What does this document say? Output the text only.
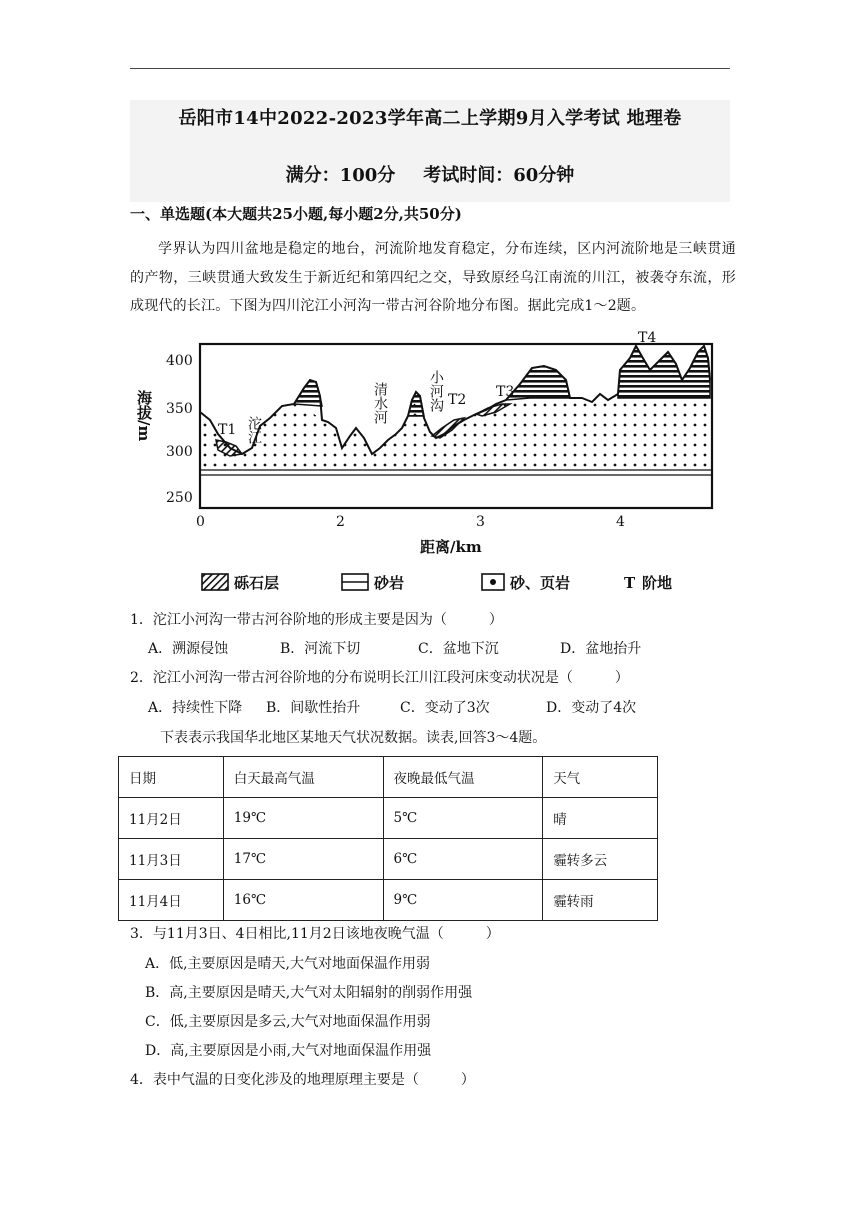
岳阳市14中2022-2023学年高二上学期9月入学考试 地理卷
满分：100分 考试时间：60分钟
一、单选题(本大题共25小题,每小题2分,共50分)
学界认为四川盆地是稳定的地台，河流阶地发育稳定，分布连续，区内河流阶地是三峡贯通的产物，三峡贯通大致发生于新近纪和第四纪之交，导致原经乌江南流的川江，被袭夺东流，形成现代的长江。下图为四川沱江小河沟一带古河谷阶地分布图。据此完成1～2题。
400
350
300
250
0	2	3	4
海拔/m
距离/km
T1
T2 T3
T4
沱江
清水河	小河沟
砾石层	砂岩	砂、页岩	T 阶地
1．沱江小河沟一带古河谷阶地的形成主要是因为（　　　）
A．溯源侵蚀	B．河流下切	C．盆地下沉	D．盆地抬升
2．沱江小河沟一带古河谷阶地的分布说明长江川江段河床变动状况是（　　　）
A．持续性下降 B．间歇性抬升	C．变动了3次	D．变动了4次
下表表示我国华北地区某地天气状况数据。读表,回答3～4题。
日期	白天最高气温	夜晚最低气温	天气
11月2日	19℃	5℃	晴
11月3日	17℃	6℃	霾转多云
11月4日	16℃	9℃	霾转雨
3．与11月3日、4日相比,11月2日该地夜晚气温（　　　）
A．低,主要原因是晴天,大气对地面保温作用弱
B．高,主要原因是晴天,大气对太阳辐射的削弱作用强
C．低,主要原因是多云,大气对地面保温作用弱
D．高,主要原因是小雨,大气对地面保温作用强
4．表中气温的日变化涉及的地理原理主要是（　　　）
